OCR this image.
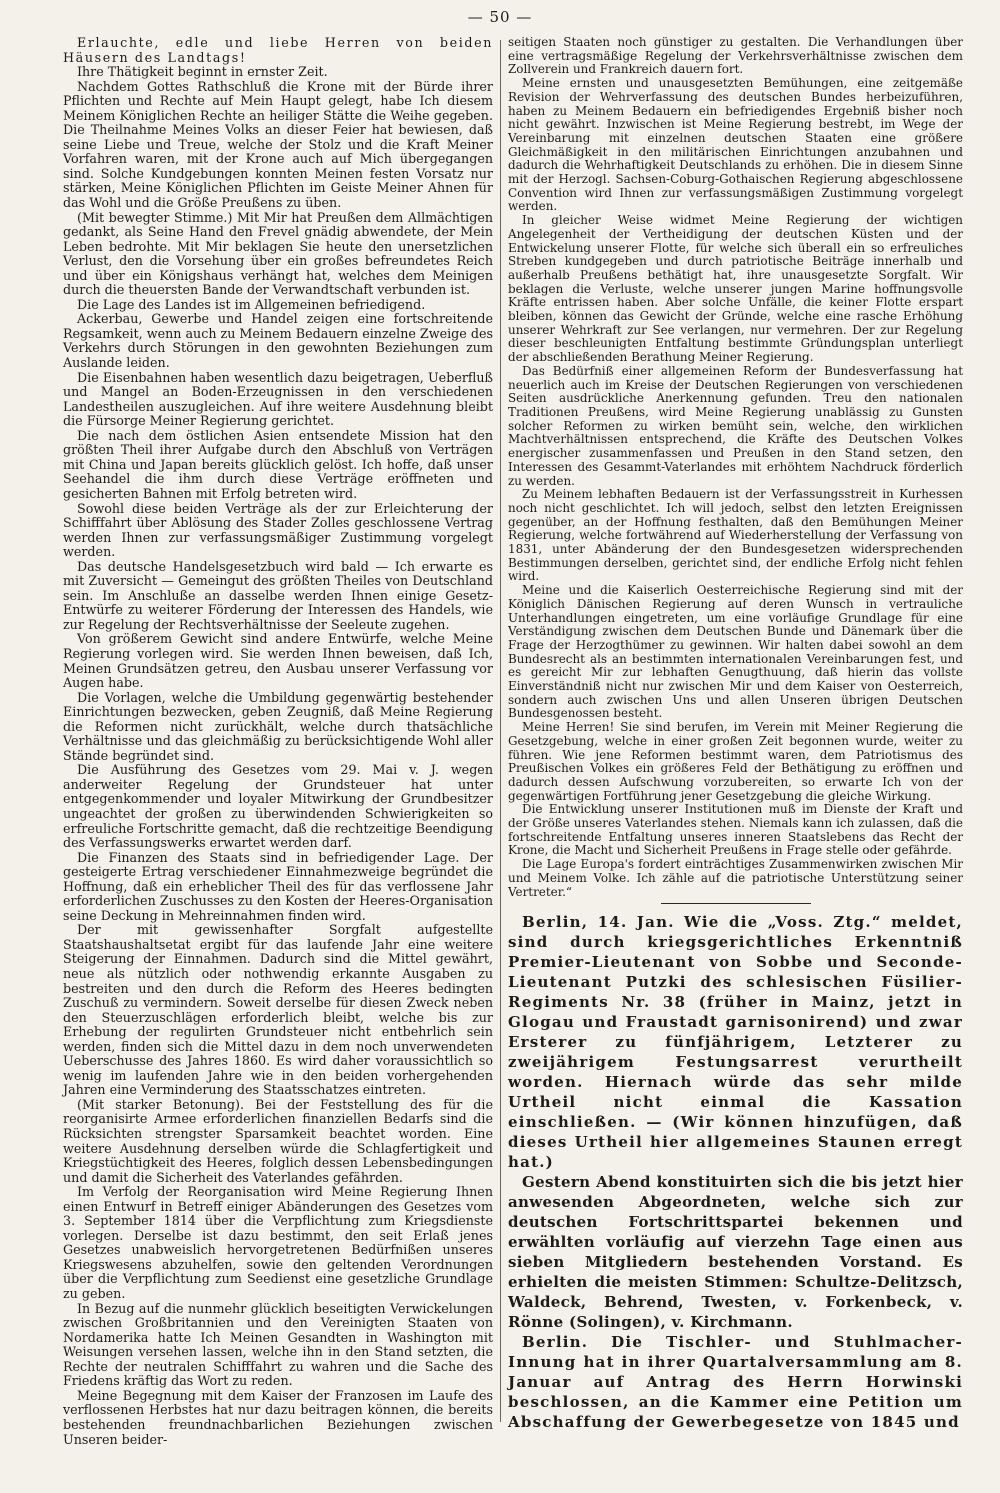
— 50 —

Erlauchte, edle und liebe Herren von beiden Häusern des Landtags!

Ihre Thätigkeit beginnt in ernster Zeit.

Nachdem Gottes Rathschluß die Krone mit der Bürde ihrer Pflichten und Rechte auf Mein Haupt gelegt, habe Ich diesem Meinem Königlichen Rechte an heiliger Stätte die Weihe gegeben. Die Theilnahme Meines Volks an dieser Feier hat bewiesen, daß seine Liebe und Treue, welche der Stolz und die Kraft Meiner Vorfahren waren, mit der Krone auch auf Mich übergegangen sind. Solche Kundgebungen konnten Meinen festen Vorsatz nur stärken, Meine Königlichen Pflichten im Geiste Meiner Ahnen für das Wohl und die Größe Preußens zu üben.

(Mit bewegter Stimme.) Mit Mir hat Preußen dem Allmächtigen gedankt, als Seine Hand den Frevel gnädig abwendete, der Mein Leben bedrohte. Mit Mir beklagen Sie heute den unersetzlichen Verlust, den die Vorsehung über ein großes befreundetes Reich und über ein Königshaus verhängt hat, welches dem Meinigen durch die theuersten Bande der Verwandtschaft verbunden ist.

Die Lage des Landes ist im Allgemeinen befriedigend.

Ackerbau, Gewerbe und Handel zeigen eine fortschreitende Regsamkeit, wenn auch zu Meinem Bedauern einzelne Zweige des Verkehrs durch Störungen in den gewohnten Beziehungen zum Auslande leiden.

Die Eisenbahnen haben wesentlich dazu beigetragen, Ueberfluß und Mangel an Boden-Erzeugnissen in den verschiedenen Landestheilen auszugleichen. Auf ihre weitere Ausdehnung bleibt die Fürsorge Meiner Regierung gerichtet.

Die nach dem östlichen Asien entsendete Mission hat den größten Theil ihrer Aufgabe durch den Abschluß von Verträgen mit China und Japan bereits glücklich gelöst. Ich hoffe, daß unser Seehandel die ihm durch diese Verträge eröffneten und gesicherten Bahnen mit Erfolg betreten wird.

Sowohl diese beiden Verträge als der zur Erleichterung der Schifffahrt über Ablösung des Stader Zolles geschlossene Vertrag werden Ihnen zur verfassungsmäßiger Zustimmung vorgelegt werden.

Das deutsche Handelsgesetzbuch wird bald — Ich erwarte es mit Zuversicht — Gemeingut des größten Theiles von Deutschland sein. Im Anschluße an dasselbe werden Ihnen einige Gesetz-Entwürfe zu weiterer Förderung der Interessen des Handels, wie zur Regelung der Rechtsverhältnisse der Seeleute zugehen.

Von größerem Gewicht sind andere Entwürfe, welche Meine Regierung vorlegen wird. Sie werden Ihnen beweisen, daß Ich, Meinen Grundsätzen getreu, den Ausbau unserer Verfassung vor Augen habe.

Die Vorlagen, welche die Umbildung gegenwärtig bestehender Einrichtungen bezwecken, geben Zeugniß, daß Meine Regierung die Reformen nicht zurückhält, welche durch thatsächliche Verhältnisse und das gleichmäßig zu berücksichtigende Wohl aller Stände begründet sind.

Die Ausführung des Gesetzes vom 29. Mai v. J. wegen anderweiter Regelung der Grundsteuer hat unter entgegenkommender und loyaler Mitwirkung der Grundbesitzer ungeachtet der großen zu überwindenden Schwierigkeiten so erfreuliche Fortschritte gemacht, daß die rechtzeitige Beendigung des Verfassungswerks erwartet werden darf.

Die Finanzen des Staats sind in befriedigender Lage. Der gesteigerte Ertrag verschiedener Einnahmezweige begründet die Hoffnung, daß ein erheblicher Theil des für das verflossene Jahr erforderlichen Zuschusses zu den Kosten der Heeres-Organisation seine Deckung in Mehreinnahmen finden wird.

Der mit gewissenhafter Sorgfalt aufgestellte Staatshaushaltsetat ergibt für das laufende Jahr eine weitere Steigerung der Einnahmen. Dadurch sind die Mittel gewährt, neue als nützlich oder nothwendig erkannte Ausgaben zu bestreiten und den durch die Reform des Heeres bedingten Zuschuß zu vermindern. Soweit derselbe für diesen Zweck neben den Steuerzuschlägen erforderlich bleibt, welche bis zur Erhebung der regulirten Grundsteuer nicht entbehrlich sein werden, finden sich die Mittel dazu in dem noch unverwendeten Ueberschusse des Jahres 1860. Es wird daher voraussichtlich so wenig im laufenden Jahre wie in den beiden vorhergehenden Jahren eine Verminderung des Staatsschatzes eintreten.

(Mit starker Betonung). Bei der Feststellung des für die reorganisirte Armee erforderlichen finanziellen Bedarfs sind die Rücksichten strengster Sparsamkeit beachtet worden. Eine weitere Ausdehnung derselben würde die Schlagfertigkeit und Kriegstüchtigkeit des Heeres, folglich dessen Lebensbedingungen und damit die Sicherheit des Vaterlandes gefährden.

Im Verfolg der Reorganisation wird Meine Regierung Ihnen einen Entwurf in Betreff einiger Abänderungen des Gesetzes vom 3. September 1814 über die Verpflichtung zum Kriegsdienste vorlegen. Derselbe ist dazu bestimmt, den seit Erlaß jenes Gesetzes unabweislich hervorgetretenen Bedürfnißen unseres Kriegswesens abzuhelfen, sowie den geltenden Verordnungen über die Verpflichtung zum Seedienst eine gesetzliche Grundlage zu geben.

In Bezug auf die nunmehr glücklich beseitigten Verwickelungen zwischen Großbritannien und den Vereinigten Staaten von Nordamerika hatte Ich Meinen Gesandten in Washington mit Weisungen versehen lassen, welche ihn in den Stand setzten, die Rechte der neutralen Schifffahrt zu wahren und die Sache des Friedens kräftig das Wort zu reden.

Meine Begegnung mit dem Kaiser der Franzosen im Laufe des verflossenen Herbstes hat nur dazu beitragen können, die bereits bestehenden freundnachbarlichen Beziehungen zwischen Unseren beider-

seitigen Staaten noch günstiger zu gestalten. Die Verhandlungen über eine vertragsmäßige Regelung der Verkehrsverhältnisse zwischen dem Zollverein und Frankreich dauern fort.

Meine ernsten und unausgesetzten Bemühungen, eine zeitgemäße Revision der Wehrverfassung des deutschen Bundes herbeizuführen, haben zu Meinem Bedauern ein befriedigendes Ergebniß bisher noch nicht gewährt. Inzwischen ist Meine Regierung bestrebt, im Wege der Vereinbarung mit einzelnen deutschen Staaten eine größere Gleichmäßigkeit in den militärischen Einrichtungen anzubahnen und dadurch die Wehrhaftigkeit Deutschlands zu erhöhen. Die in diesem Sinne mit der Herzogl. Sachsen-Coburg-Gothaischen Regierung abgeschlossene Convention wird Ihnen zur verfassungsmäßigen Zustimmung vorgelegt werden.

In gleicher Weise widmet Meine Regierung der wichtigen Angelegenheit der Vertheidigung der deutschen Küsten und der Entwickelung unserer Flotte, für welche sich überall ein so erfreuliches Streben kundgegeben und durch patriotische Beiträge innerhalb und außerhalb Preußens bethätigt hat, ihre unausgesetzte Sorgfalt. Wir beklagen die Verluste, welche unserer jungen Marine hoffnungsvolle Kräfte entrissen haben. Aber solche Unfälle, die keiner Flotte erspart bleiben, können das Gewicht der Gründe, welche eine rasche Erhöhung unserer Wehrkraft zur See verlangen, nur vermehren. Der zur Regelung dieser beschleunigten Entfaltung bestimmte Gründungsplan unterliegt der abschließenden Berathung Meiner Regierung.

Das Bedürfniß einer allgemeinen Reform der Bundesverfassung hat neuerlich auch im Kreise der Deutschen Regierungen von verschiedenen Seiten ausdrückliche Anerkennung gefunden. Treu den nationalen Traditionen Preußens, wird Meine Regierung unablässig zu Gunsten solcher Reformen zu wirken bemüht sein, welche, den wirklichen Machtverhältnissen entsprechend, die Kräfte des Deutschen Volkes energischer zusammenfassen und Preußen in den Stand setzen, den Interessen des Gesammt-Vaterlandes mit erhöhtem Nachdruck förderlich zu werden.

Zu Meinem lebhaften Bedauern ist der Verfassungsstreit in Kurhessen noch nicht geschlichtet. Ich will jedoch, selbst den letzten Ereignissen gegenüber, an der Hoffnung festhalten, daß den Bemühungen Meiner Regierung, welche fortwährend auf Wiederherstellung der Verfassung von 1831, unter Abänderung der den Bundesgesetzen widersprechenden Bestimmungen derselben, gerichtet sind, der endliche Erfolg nicht fehlen wird.

Meine und die Kaiserlich Oesterreichische Regierung sind mit der Königlich Dänischen Regierung auf deren Wunsch in vertrauliche Unterhandlungen eingetreten, um eine vorläufige Grundlage für eine Verständigung zwischen dem Deutschen Bunde und Dänemark über die Frage der Herzogthümer zu gewinnen. Wir halten dabei sowohl an dem Bundesrecht als an bestimmten internationalen Vereinbarungen fest, und es gereicht Mir zur lebhaften Genugthuung, daß hierin das vollste Einverständniß nicht nur zwischen Mir und dem Kaiser von Oesterreich, sondern auch zwischen Uns und allen Unseren übrigen Deutschen Bundesgenossen besteht.

Meine Herren! Sie sind berufen, im Verein mit Meiner Regierung die Gesetzgebung, welche in einer großen Zeit begonnen wurde, weiter zu führen. Wie jene Reformen bestimmt waren, dem Patriotismus des Preußischen Volkes ein größeres Feld der Bethätigung zu eröffnen und dadurch dessen Aufschwung vorzubereiten, so erwarte Ich von der gegenwärtigen Fortführung jener Gesetzgebung die gleiche Wirkung.

Die Entwicklung unserer Institutionen muß im Dienste der Kraft und der Größe unseres Vaterlandes stehen. Niemals kann ich zulassen, daß die fortschreitende Entfaltung unseres inneren Staatslebens das Recht der Krone, die Macht und Sicherheit Preußens in Frage stelle oder gefährde.

Die Lage Europa's fordert einträchtiges Zusammenwirken zwischen Mir und Meinem Volke. Ich zähle auf die patriotische Unterstützung seiner Vertreter.“

Berlin, 14. Jan. Wie die „Voss. Ztg.“ meldet, sind durch kriegsgerichtliches Erkenntniß Premier-Lieutenant von Sobbe und Seconde-Lieutenant Putzki des schlesischen Füsilier-Regiments Nr. 38 (früher in Mainz, jetzt in Glogau und Fraustadt garnisonirend) und zwar Ersterer zu fünfjährigem, Letzterer zu zweijährigem Festungsarrest verurtheilt worden. Hiernach würde das sehr milde Urtheil nicht einmal die Kassation einschließen. — (Wir können hinzufügen, daß dieses Urtheil hier allgemeines Staunen erregt hat.)

Gestern Abend konstituirten sich die bis jetzt hier anwesenden Abgeordneten, welche sich zur deutschen Fortschrittspartei bekennen und erwählten vorläufig auf vierzehn Tage einen aus sieben Mitgliedern bestehenden Vorstand. Es erhielten die meisten Stimmen: Schultze-Delitzsch, Waldeck, Behrend, Twesten, v. Forkenbeck, v. Rönne (Solingen), v. Kirchmann.

Berlin. Die Tischler- und Stuhlmacher-Innung hat in ihrer Quartalversammlung am 8. Januar auf Antrag des Herrn Horwinski beschlossen, an die Kammer eine Petition um Abschaffung der Gewerbegesetze von 1845 und
